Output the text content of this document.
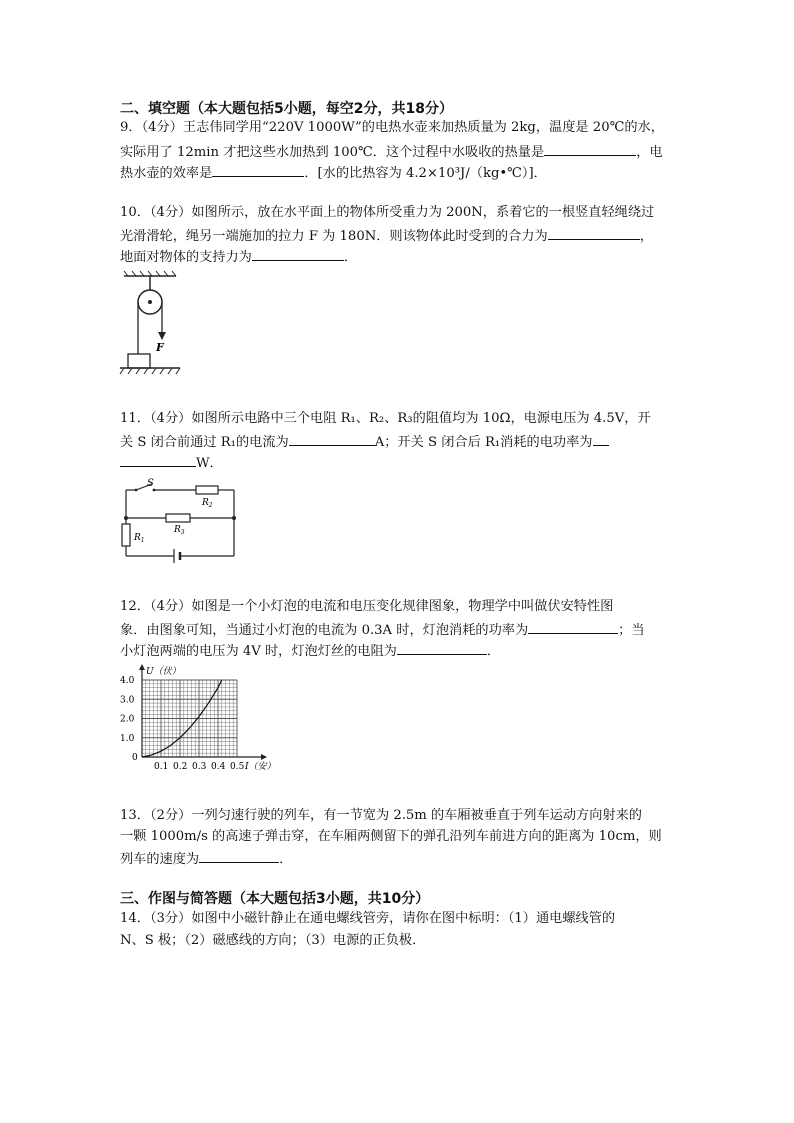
二、填空题（本大题包括5小题，每空2分，共18分）
9．（4分）王志伟同学用“220V 1000W”的电热水壶来加热质量为 2kg，温度是 20℃的水，
实际用了 12min 才把这些水加热到 100℃．这个过程中水吸收的热量是	，电
热水壶的效率是	．[水的比热容为 4.2×10³J/（kg•℃）]．
10．（4分）如图所示，放在水平面上的物体所受重力为 200N，系着它的一根竖直轻绳绕过
光滑滑轮，绳另一端施加的拉力 F 为 180N．则该物体此时受到的合力为	，
地面对物体的支持力为	．
F
11．（4分）如图所示电路中三个电阻 R₁、R₂、R₃的阻值均为 10Ω，电源电压为 4.5V，开
关 S 闭合前通过 R₁的电流为	A；开关 S 闭合后 R₁消耗的电功率为
W．
S
$R_2$
$R_3$
$R_1$
12．（4分）如图是一个小灯泡的电流和电压变化规律图象，物理学中叫做伏安特性图
象．由图象可知，当通过小灯泡的电流为 0.3A 时，灯泡消耗的功率为	；当
小灯泡两端的电压为 4V 时，灯泡灯丝的电阻为	．
0.1 0.2 0.3 0.4 0.5
1.0
2.0
3.0
4.0
0
U（伏）
I（安）
13．（2分）一列匀速行驶的列车，有一节宽为 2.5m 的车厢被垂直于列车运动方向射来的
一颗 1000m/s 的高速子弹击穿，在车厢两侧留下的弹孔沿列车前进方向的距离为 10cm，则
列车的速度为	．
三、作图与简答题（本大题包括3小题，共10分）
14．（3分）如图中小磁针静止在通电螺线管旁，请你在图中标明：（1）通电螺线管的
N、S 极；（2）磁感线的方向；（3）电源的正负极．
